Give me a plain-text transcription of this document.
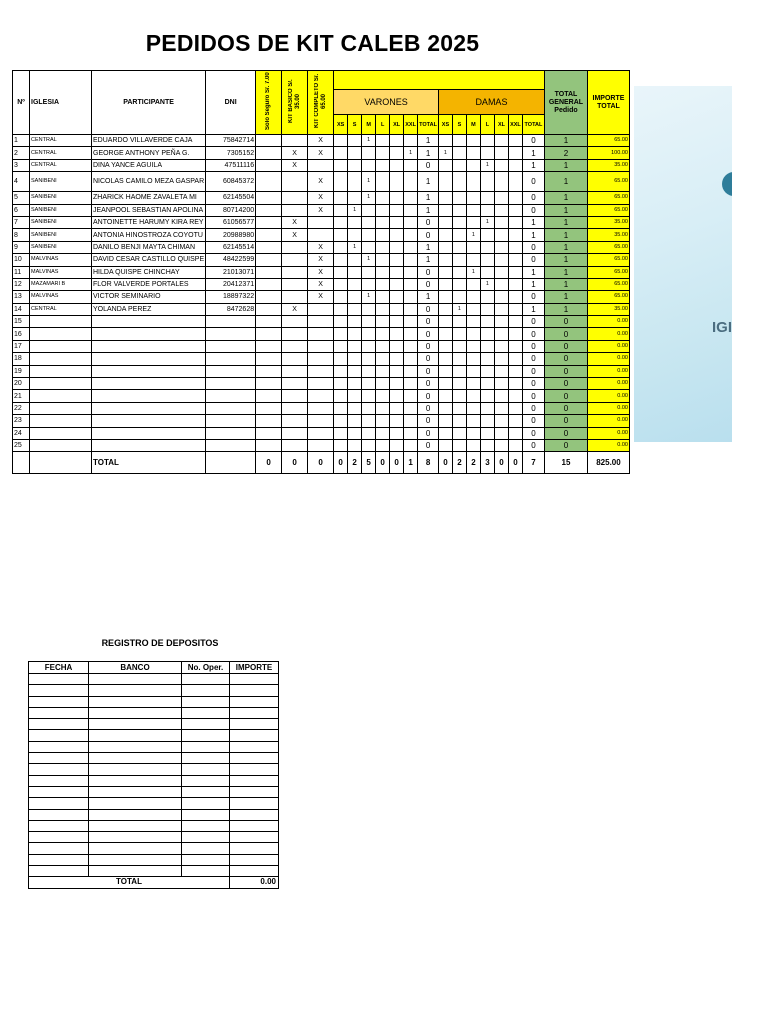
PEDIDOS DE KIT CALEB 2025
Nº	IGLESIA	PARTICIPANTE	DNI	Solo Seguro S/. 7.00	KIT BASICO S/. 35.00	KIT COMPLETO S/. 65.00															TOTAL GENERAL Pedido	IMPORTE TOTAL
							VARONES							DAMAS								
							XS	S	M	L	XL	XXL	TOTAL	XS	S	M	L	XL	XXL	TOTAL		
1	CENTRAL	EDUARDO VILLAVERDE CAJA	75842714			X			1				1							0	1	65.00
2	CENTRAL	GEORGE ANTHONY PEÑA G.	7305152		X	X						1	1	1						1	2	100.00
3	CENTRAL	DINA YANCE AGUILA	47511116		X								0				1			1	1	35.00
4	SANIBENI	NICOLAS CAMILO MEZA GASPAR	60845372			X			1				1							0	1	65.00
5	SANIBENI	ZHARICK HAOME ZAVALETA MI	62145504			X			1				1							0	1	65.00
6	SANIBENI	JEANPOOL SEBASTIAN APOLINA	80714200			X		1					1							0	1	65.00
7	SANIBENI	ANTOINETTE HARUMY KIRA REY	61056577		X								0				1			1	1	35.00
8	SANIBENI	ANTONIA HINOSTROZA COYOTU	20988980		X								0			1				1	1	35.00
9	SANIBENI	DANILO BENJI MAYTA CHIMAN	62145514			X		1					1							0	1	65.00
10	MALVINAS	DAVID CESAR CASTILLO QUISPE	48422599			X			1				1							0	1	65.00
11	MALVINAS	HILDA QUISPE CHINCHAY	21013071			X							0			1				1	1	65.00
12	MAZAMARI B	FLOR VALVERDE PORTALES	20412371			X							0				1			1	1	65.00
13	MALVINAS	VICTOR SEMINARIO	18897322			X			1				1							0	1	65.00
14	CENTRAL	YOLANDA PEREZ	8472628		X								0		1					1	1	35.00
15													0							0	0	0.00
16													0							0	0	0.00
17													0							0	0	0.00
18													0							0	0	0.00
19													0							0	0	0.00
20													0							0	0	0.00
21													0							0	0	0.00
22													0							0	0	0.00
23													0							0	0	0.00
24													0							0	0	0.00
25													0							0	0	0.00
		TOTAL		0	0	0	0	2	5	0	0	1	8	0	2	2	3	0	0	7	15	825.00
REGISTRO DE DEPOSITOS
FECHA	BANCO	No. Oper.	IMPORTE

TOTAL			0.00
IGI
